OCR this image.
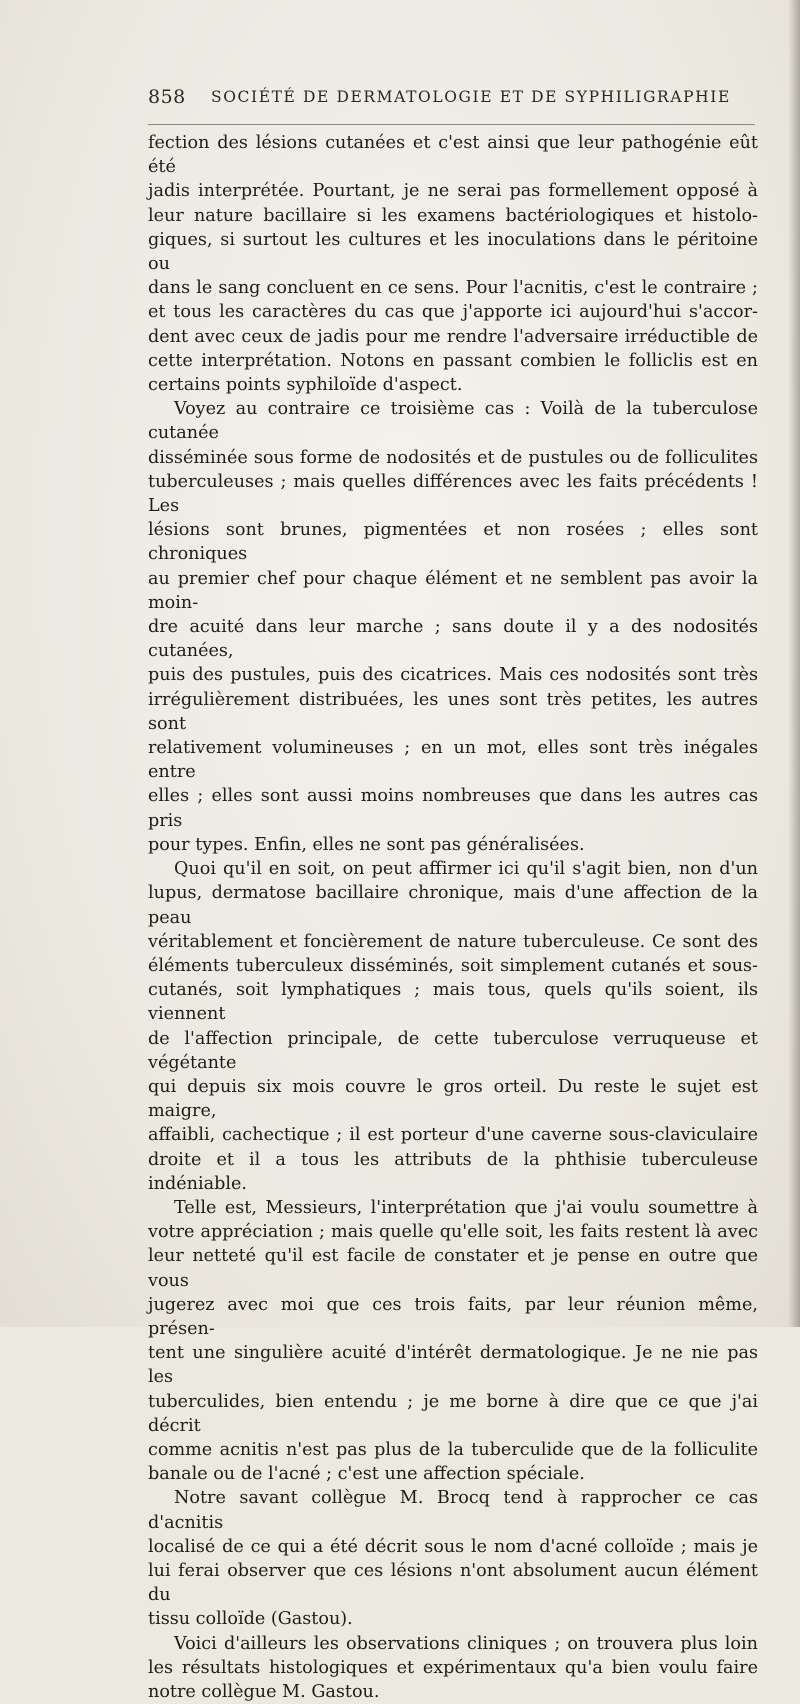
858 SOCIÉTÉ DE DERMATOLOGIE ET DE SYPHILIGRAPHIE

fection des lésions cutanées et c'est ainsi que leur pathogénie eût été

jadis interprétée. Pourtant, je ne serai pas formellement opposé à

leur nature bacillaire si les examens bactériologiques et histolo-

giques, si surtout les cultures et les inoculations dans le péritoine ou

dans le sang concluent en ce sens. Pour l'acnitis, c'est le contraire ;

et tous les caractères du cas que j'apporte ici aujourd'hui s'accor-

dent avec ceux de jadis pour me rendre l'adversaire irréductible de

cette interprétation. Notons en passant combien le folliclis est en

certains points syphiloïde d'aspect.

Voyez au contraire ce troisième cas : Voilà de la tuberculose cutanée

disséminée sous forme de nodosités et de pustules ou de folliculites

tuberculeuses ; mais quelles différences avec les faits précédents ! Les

lésions sont brunes, pigmentées et non rosées ; elles sont chroniques

au premier chef pour chaque élément et ne semblent pas avoir la moin-

dre acuité dans leur marche ; sans doute il y a des nodosités cutanées,

puis des pustules, puis des cicatrices. Mais ces nodosités sont très

irrégulièrement distribuées, les unes sont très petites, les autres sont

relativement volumineuses ; en un mot, elles sont très inégales entre

elles ; elles sont aussi moins nombreuses que dans les autres cas pris

pour types. Enfin, elles ne sont pas généralisées.

Quoi qu'il en soit, on peut affirmer ici qu'il s'agit bien, non d'un

lupus, dermatose bacillaire chronique, mais d'une affection de la peau

véritablement et foncièrement de nature tuberculeuse. Ce sont des

éléments tuberculeux disséminés, soit simplement cutanés et sous-

cutanés, soit lymphatiques ; mais tous, quels qu'ils soient, ils viennent

de l'affection principale, de cette tuberculose verruqueuse et végétante

qui depuis six mois couvre le gros orteil. Du reste le sujet est maigre,

affaibli, cachectique ; il est porteur d'une caverne sous-claviculaire

droite et il a tous les attributs de la phthisie tuberculeuse indéniable.

Telle est, Messieurs, l'interprétation que j'ai voulu soumettre à

votre appréciation ; mais quelle qu'elle soit, les faits restent là avec

leur netteté qu'il est facile de constater et je pense en outre que vous

jugerez avec moi que ces trois faits, par leur réunion même, présen-

tent une singulière acuité d'intérêt dermatologique. Je ne nie pas les

tuberculides, bien entendu ; je me borne à dire que ce que j'ai décrit

comme acnitis n'est pas plus de la tuberculide que de la folliculite

banale ou de l'acné ; c'est une affection spéciale.

Notre savant collègue M. Brocq tend à rapprocher ce cas d'acnitis

localisé de ce qui a été décrit sous le nom d'acné colloïde ; mais je

lui ferai observer que ces lésions n'ont absolument aucun élément du

tissu colloïde (Gastou).

Voici d'ailleurs les observations cliniques ; on trouvera plus loin

les résultats histologiques et expérimentaux qu'a bien voulu faire

notre collègue M. Gastou.
